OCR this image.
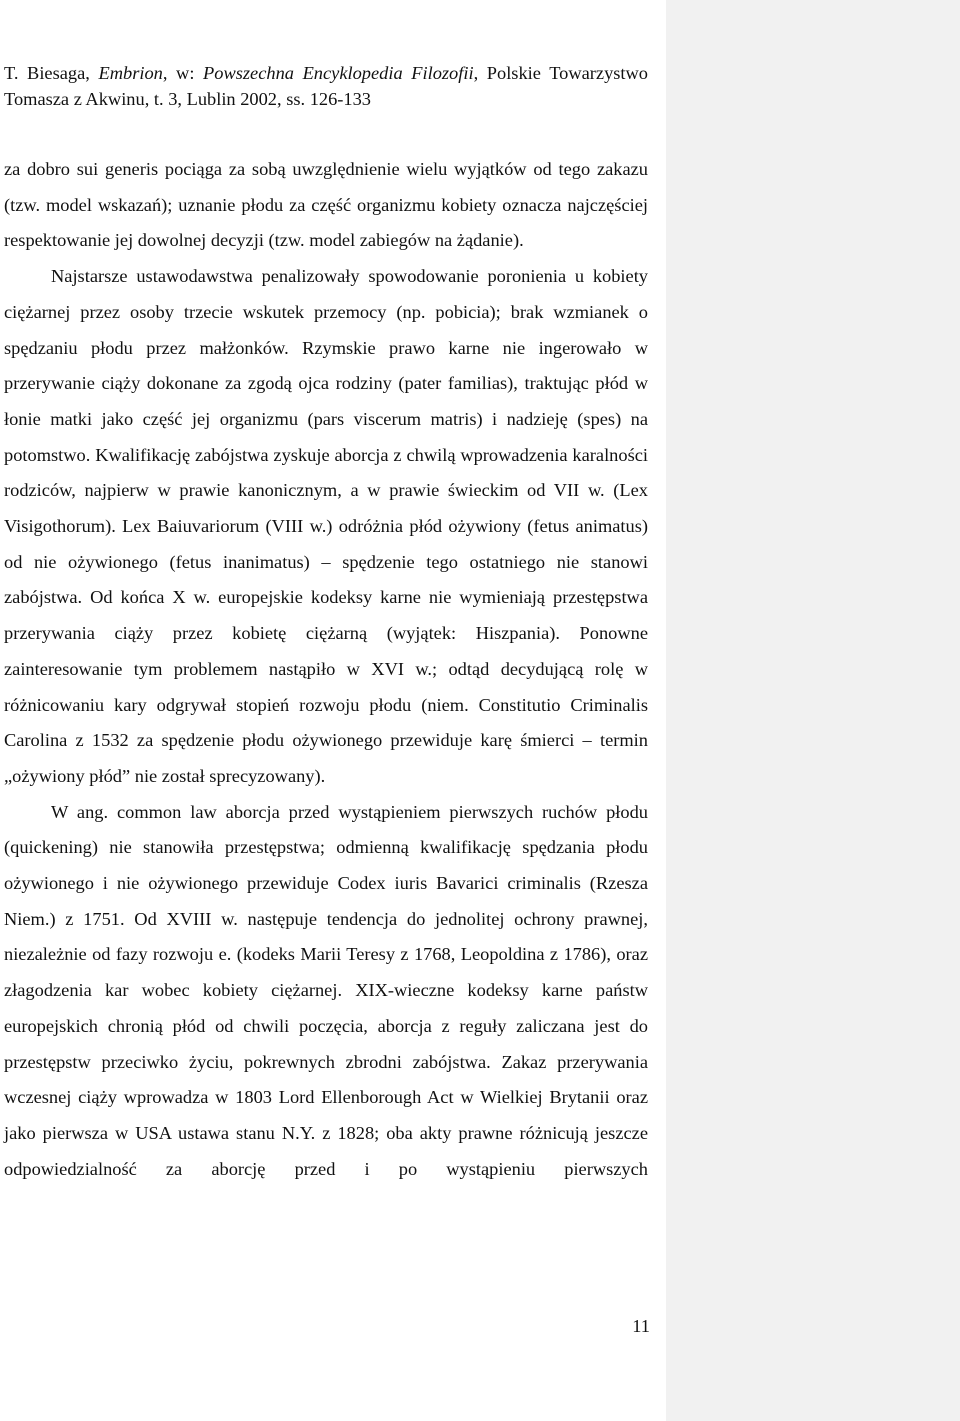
T. Biesaga, Embrion, w: Powszechna Encyklopedia Filozofii, Polskie Towarzystwo Tomasza z Akwinu, t. 3, Lublin 2002, ss. 126-133

za dobro sui generis pociąga za sobą uwzględnienie wielu wyjątków od tego zakazu (tzw. model wskazań); uznanie płodu za część organizmu kobiety oznacza najczęściej respektowanie jej dowolnej decyzji (tzw. model zabiegów na żądanie).

Najstarsze ustawodawstwa penalizowały spowodowanie poronienia u kobiety ciężarnej przez osoby trzecie wskutek przemocy (np. pobicia); brak wzmianek o spędzaniu płodu przez małżonków. Rzymskie prawo karne nie ingerowało w przerywanie ciąży dokonane za zgodą ojca rodziny (pater familias), traktując płód w łonie matki jako część jej organizmu (pars viscerum matris) i nadzieję (spes) na potomstwo. Kwalifikację zabójstwa zyskuje aborcja z chwilą wprowadzenia karalności rodziców, najpierw w prawie kanonicznym, a w prawie świeckim od VII w. (Lex Visigothorum). Lex Baiuvariorum (VIII w.) odróżnia płód ożywiony (fetus animatus) od nie ożywionego (fetus inanimatus) – spędzenie tego ostatniego nie stanowi zabójstwa. Od końca X w. europejskie kodeksy karne nie wymieniają przestępstwa przerywania ciąży przez kobietę ciężarną (wyjątek: Hiszpania). Ponowne zainteresowanie tym problemem nastąpiło w XVI w.; odtąd decydującą rolę w różnicowaniu kary odgrywał stopień rozwoju płodu (niem. Constitutio Criminalis Carolina z 1532 za spędzenie płodu ożywionego przewiduje karę śmierci – termin „ożywiony płód” nie został sprecyzowany).

W ang. common law aborcja przed wystąpieniem pierwszych ruchów płodu (quickening) nie stanowiła przestępstwa; odmienną kwalifikację spędzania płodu ożywionego i nie ożywionego przewiduje Codex iuris Bavarici criminalis (Rzesza Niem.) z 1751. Od XVIII w. następuje tendencja do jednolitej ochrony prawnej, niezależnie od fazy rozwoju e. (kodeks Marii Teresy z 1768, Leopoldina z 1786), oraz złagodzenia kar wobec kobiety ciężarnej. XIX-wieczne kodeksy karne państw europejskich chronią płód od chwili poczęcia, aborcja z reguły zaliczana jest do przestępstw przeciwko życiu, pokrewnych zbrodni zabójstwa. Zakaz przerywania wczesnej ciąży wprowadza w 1803 Lord Ellenborough Act w Wielkiej Brytanii oraz jako pierwsza w USA ustawa stanu N.Y. z 1828; oba akty prawne różnicują jeszcze odpowiedzialność za aborcję przed i po wystąpieniu pierwszych

11
